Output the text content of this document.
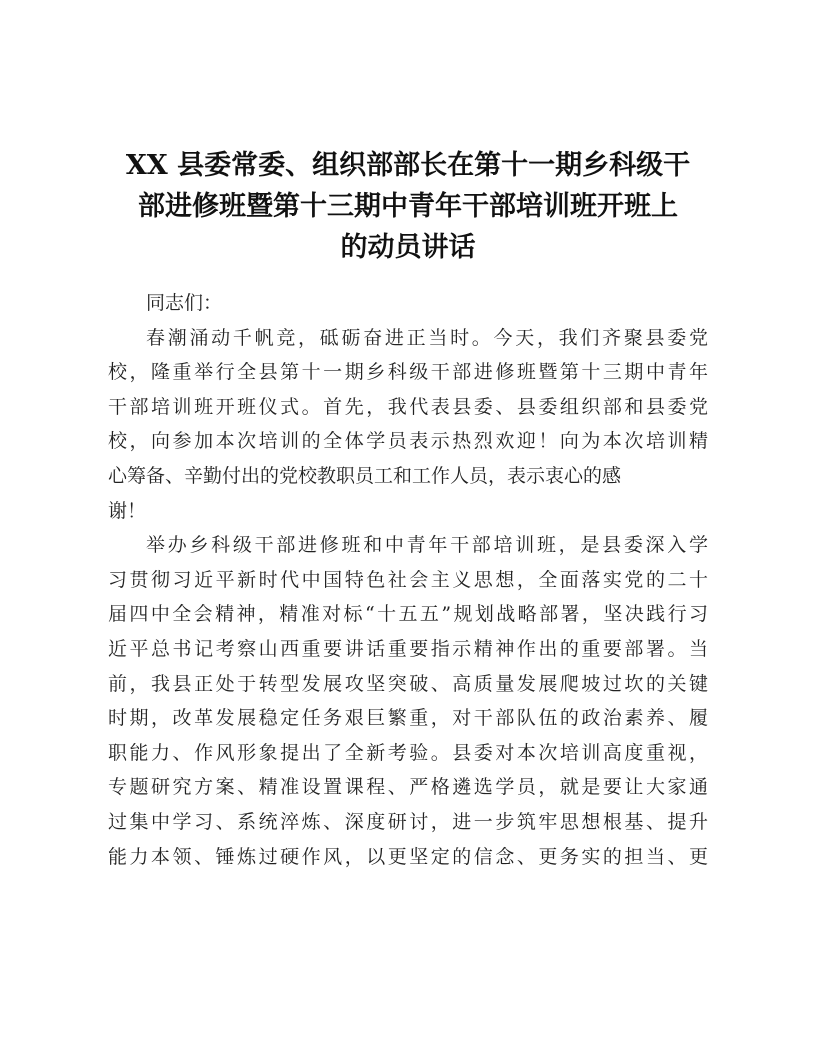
XX 县委常委、组织部部长在第十一期乡科级干
部进修班暨第十三期中青年干部培训班开班上
的动员讲话
同志们：
春潮涌动千帆竞，砥砺奋进正当时。今天，我们齐聚县委党
校，隆重举行全县第十一期乡科级干部进修班暨第十三期中青年
干部培训班开班仪式。首先，我代表县委、县委组织部和县委党
校，向参加本次培训的全体学员表示热烈欢迎！向为本次培训精
心筹备、辛勤付出的党校教职员工和工作人员，表示衷心的感
谢！
举办乡科级干部进修班和中青年干部培训班，是县委深入学
习贯彻习近平新时代中国特色社会主义思想，全面落实党的二十
届四中全会精神，精准对标“十五五”规划战略部署，坚决践行习
近平总书记考察山西重要讲话重要指示精神作出的重要部署。当
前，我县正处于转型发展攻坚突破、高质量发展爬坡过坎的关键
时期，改革发展稳定任务艰巨繁重，对干部队伍的政治素养、履
职能力、作风形象提出了全新考验。县委对本次培训高度重视，
专题研究方案、精准设置课程、严格遴选学员，就是要让大家通
过集中学习、系统淬炼、深度研讨，进一步筑牢思想根基、提升
能力本领、锤炼过硬作风，以更坚定的信念、更务实的担当、更
